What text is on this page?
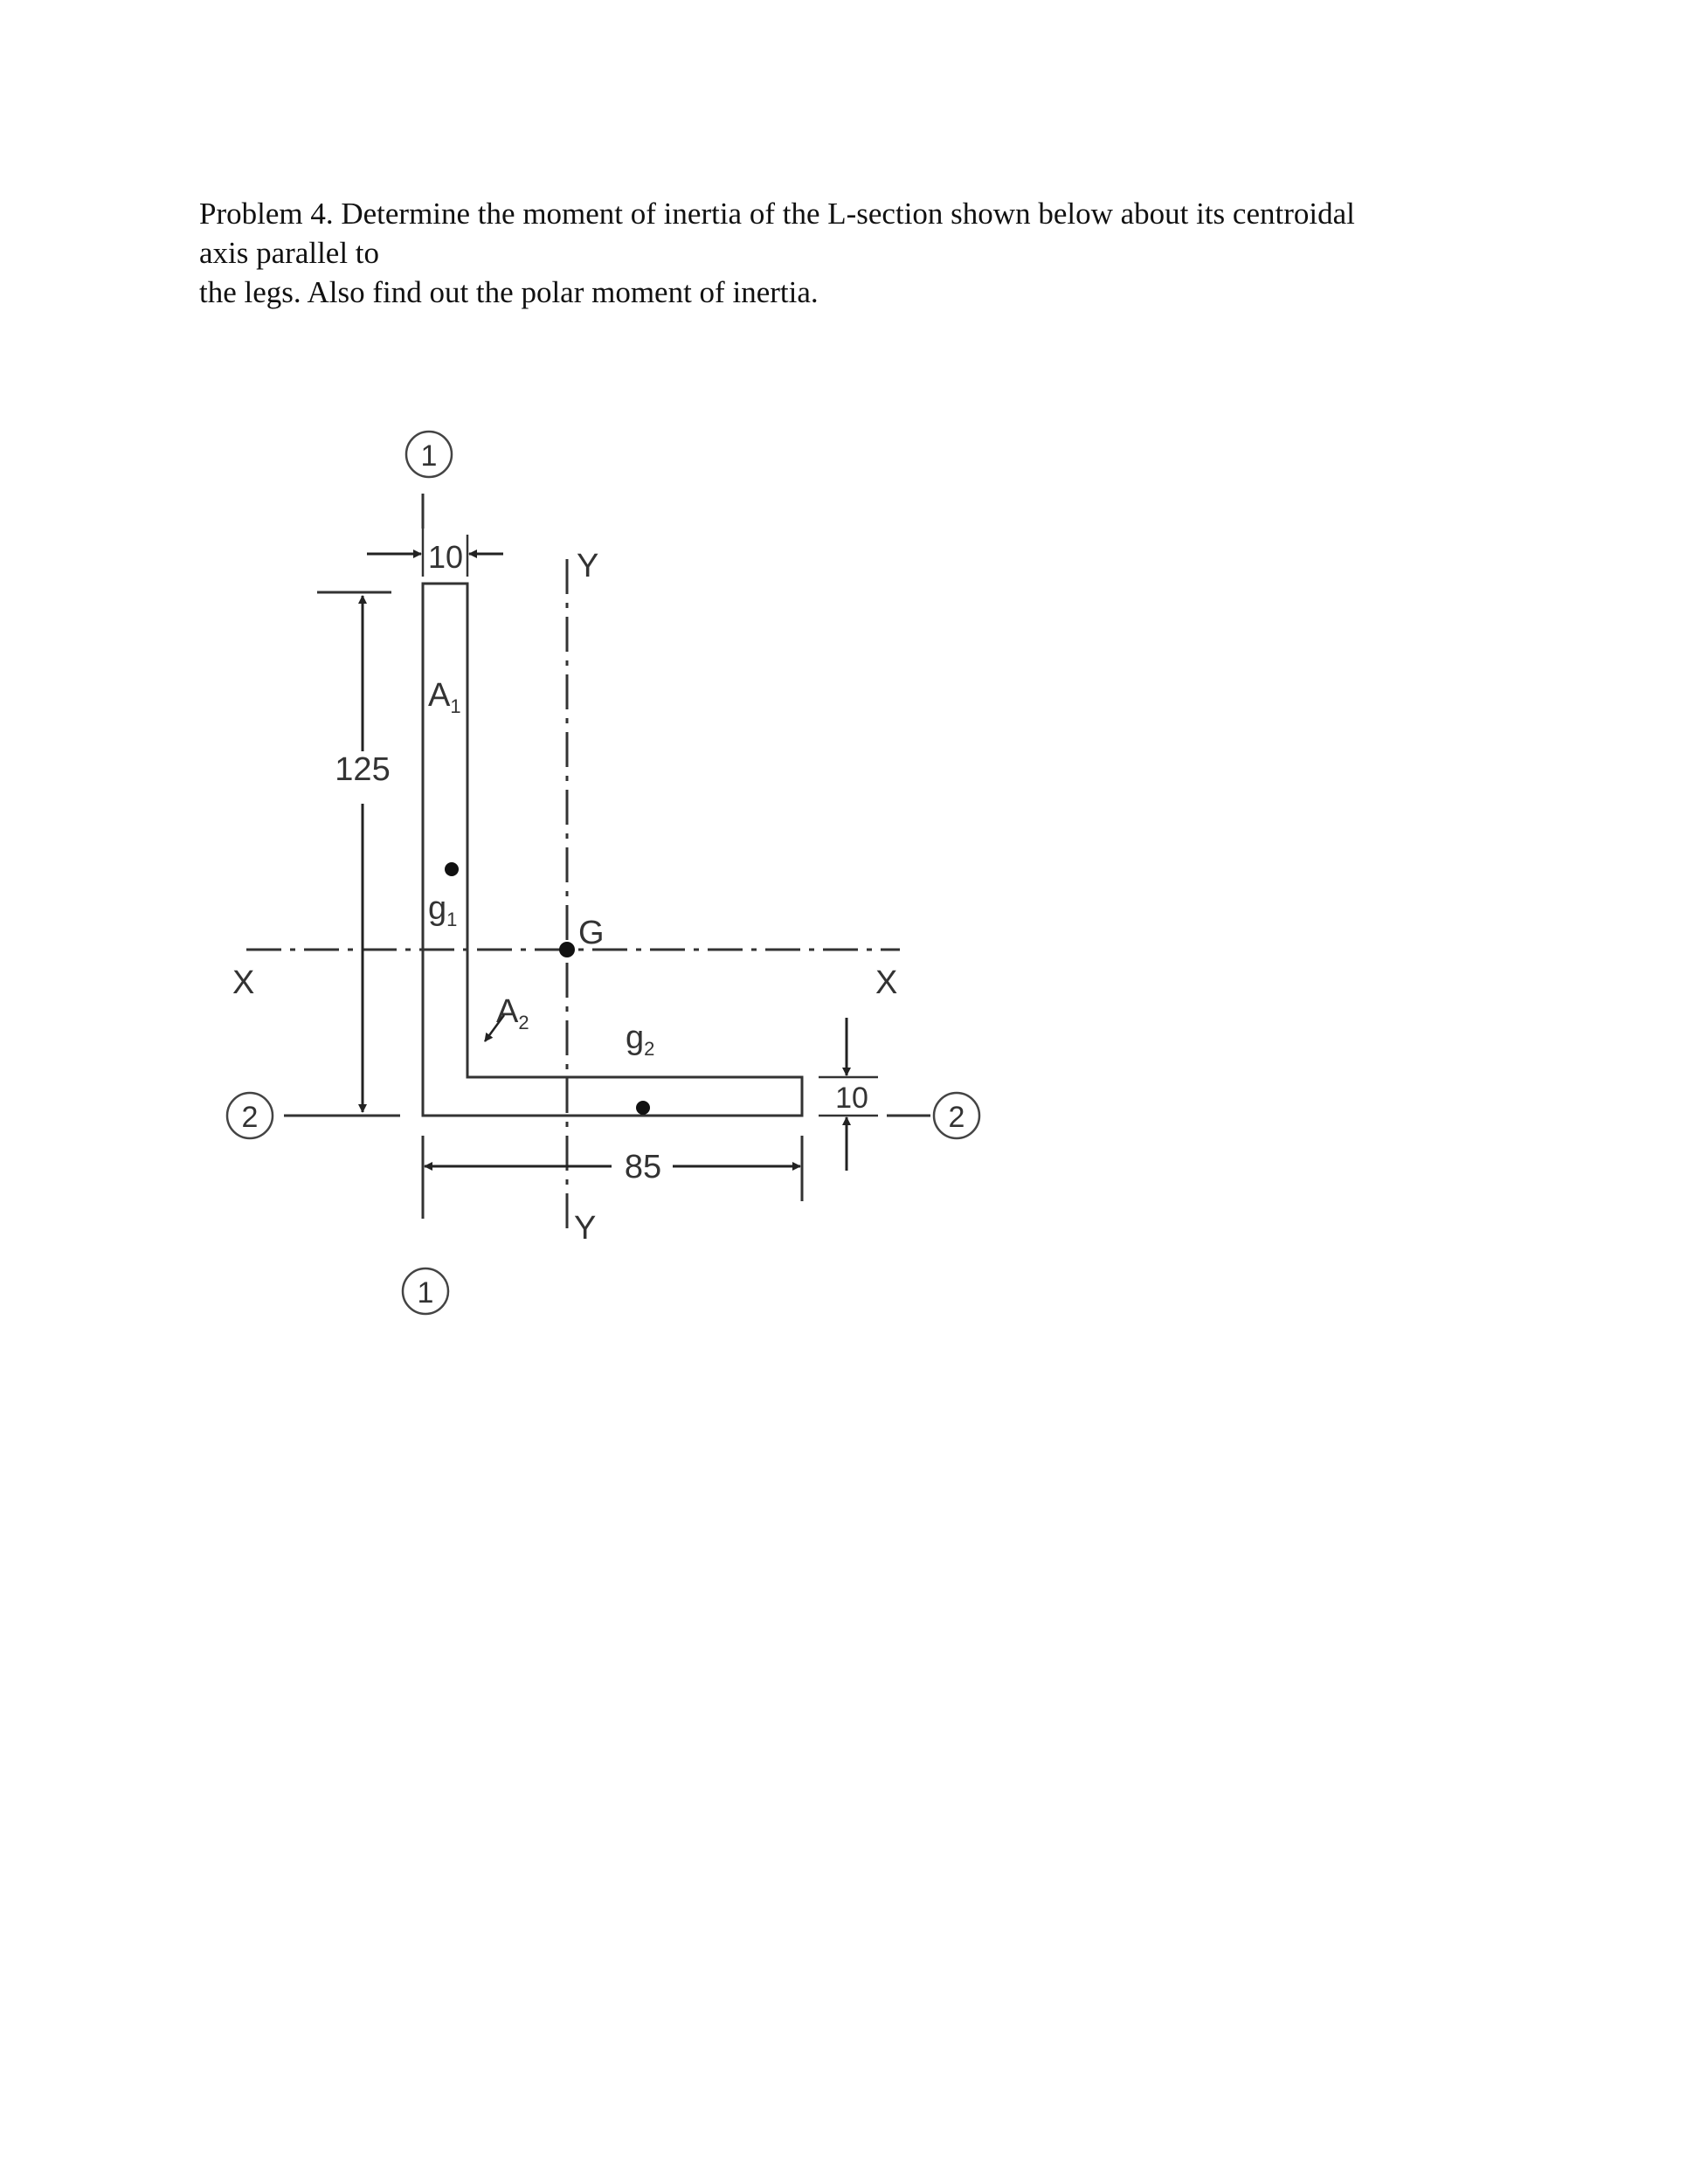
Problem 4. Determine the moment of inertia of the L-section shown below about its centroidal
axis parallel to
the legs. Also find out the polar moment of inertia.
1
10
125
2	2
10
85
1
$A_1$
$g_1$	G
X	X
Y
Y
$A_2$	$g_2$
